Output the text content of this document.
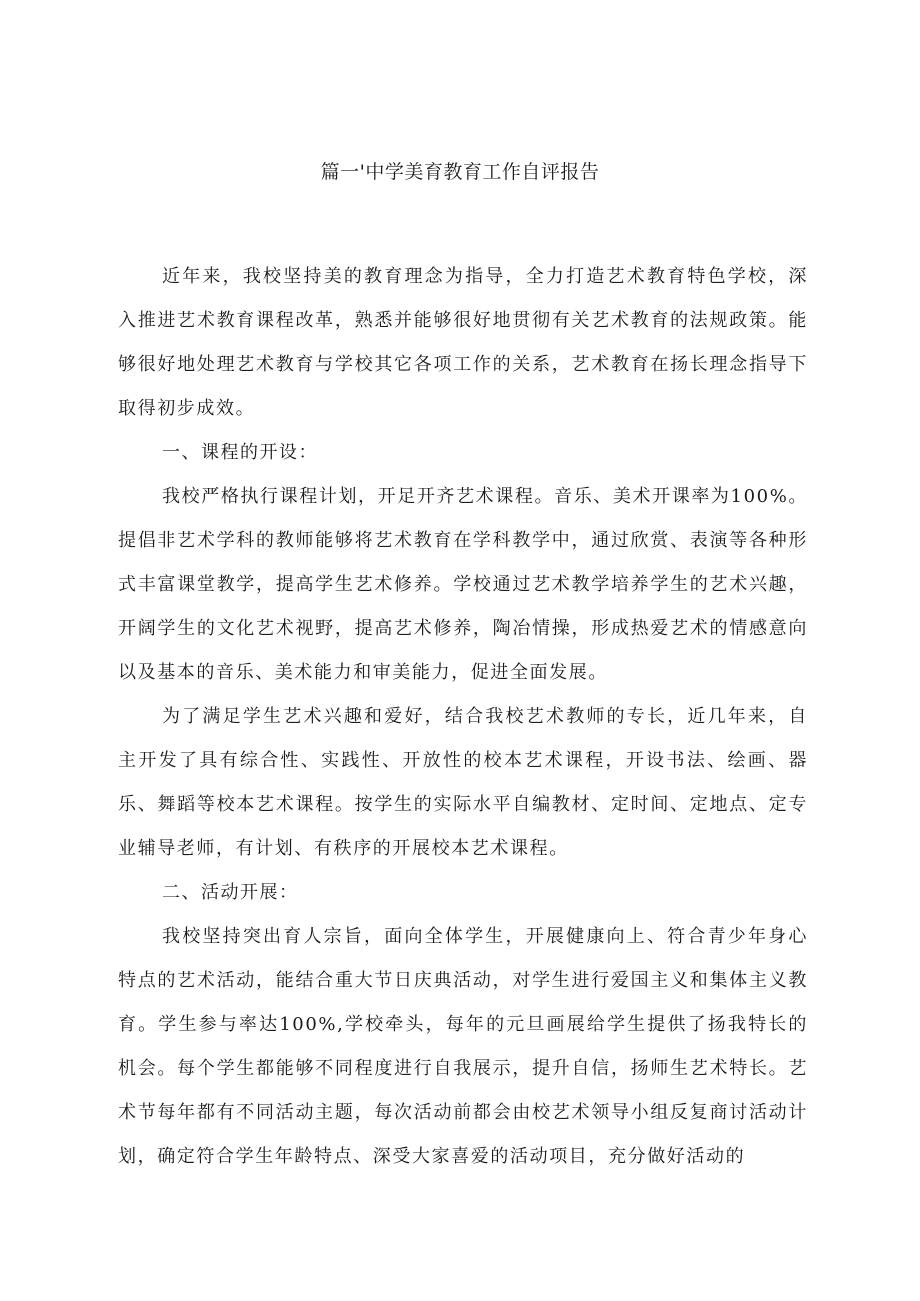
篇一'中学美育教育工作自评报告

近年来，我校坚持美的教育理念为指导，全力打造艺术教育特色学校，深入推进艺术教育课程改革，熟悉并能够很好地贯彻有关艺术教育的法规政策。能够很好地处理艺术教育与学校其它各项工作的关系，艺术教育在扬长理念指导下取得初步成效。

一、课程的开设：

我校严格执行课程计划，开足开齐艺术课程。音乐、美术开课率为100%。提倡非艺术学科的教师能够将艺术教育在学科教学中，通过欣赏、表演等各种形式丰富课堂教学，提高学生艺术修养。学校通过艺术教学培养学生的艺术兴趣，开阔学生的文化艺术视野，提高艺术修养，陶冶情操，形成热爱艺术的情感意向以及基本的音乐、美术能力和审美能力，促进全面发展。

为了满足学生艺术兴趣和爱好，结合我校艺术教师的专长，近几年来，自主开发了具有综合性、实践性、开放性的校本艺术课程，开设书法、绘画、器乐、舞蹈等校本艺术课程。按学生的实际水平自编教材、定时间、定地点、定专业辅导老师，有计划、有秩序的开展校本艺术课程。

二、活动开展：

我校坚持突出育人宗旨，面向全体学生，开展健康向上、符合青少年身心特点的艺术活动，能结合重大节日庆典活动，对学生进行爱国主义和集体主义教育。学生参与率达100%,学校牵头，每年的元旦画展给学生提供了扬我特长的机会。每个学生都能够不同程度进行自我展示，提升自信，扬师生艺术特长。艺术节每年都有不同活动主题，每次活动前都会由校艺术领导小组反复商讨活动计划，确定符合学生年龄特点、深受大家喜爱的活动项目，充分做好活动的
